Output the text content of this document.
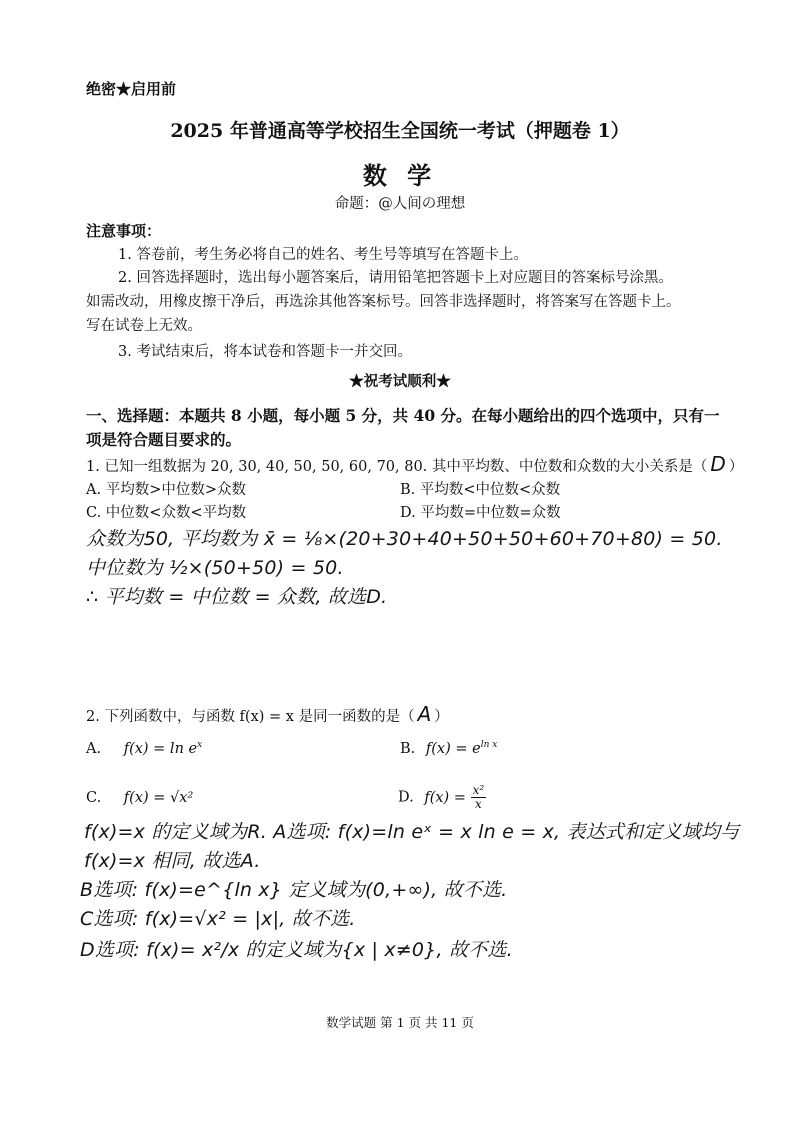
绝密★启用前
2025 年普通高等学校招生全国统一考试（押题卷 1）
数 学
命题：@人间の理想
注意事项：
1. 答卷前，考生务必将自己的姓名、考生号等填写在答题卡上。
2. 回答选择题时，选出每小题答案后，请用铅笔把答题卡上对应题目的答案标号涂黑。
如需改动，用橡皮擦干净后，再选涂其他答案标号。回答非选择题时，将答案写在答题卡上。
写在试卷上无效。
3. 考试结束后，将本试卷和答题卡一并交回。
★祝考试顺利★
一、选择题：本题共 8 小题，每小题 5 分，共 40 分。在每小题给出的四个选项中，只有一
项是符合题目要求的。
1. 已知一组数据为 20, 30, 40, 50, 50, 60, 70, 80. 其中平均数、中位数和众数的大小关系是（ D ）
A. 平均数>中位数>众数	B. 平均数<中位数<众数
C. 中位数<众数<平均数	D. 平均数=中位数=众数
众数为50, 平均数为 x̄ = ⅛×(20+30+40+50+50+60+70+80) = 50.
中位数为 ½×(50+50) = 50.
∴ 平均数 = 中位数 = 众数, 故选D.
2. 下列函数中，与函数 f(x) = x 是同一函数的是（ A ）
A. $f(x) = \ln e^x$	B. $f(x) = e^{ln x}$
C. f(x) = √x²	D. $f(x) = \frac{\text{x²}}{x}$
f(x)=x 的定义域为R. A选项: f(x)=ln eˣ = x ln e = x, 表达式和定义域均与
f(x)=x 相同, 故选A.
B选项: f(x)=e^{ln x} 定义域为(0,+∞), 故不选.
C选项: f(x)=√x² = |x|, 故不选.
D选项: f(x)= x²/x 的定义域为{x | x≠0}, 故不选.
数学试题 第 1 页 共 11 页
